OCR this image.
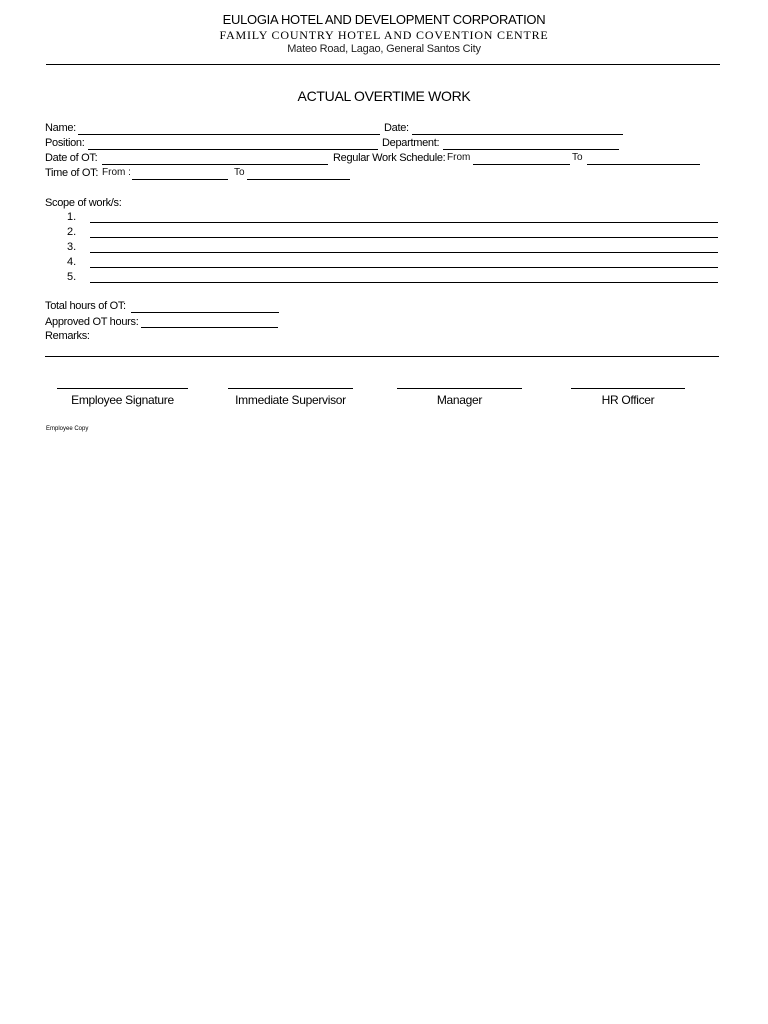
EULOGIA HOTEL AND DEVELOPMENT CORPORATION
FAMILY COUNTRY HOTEL AND COVENTION CENTRE
Mateo Road, Lagao, General Santos City
ACTUAL OVERTIME WORK
Name:	Date:
Position:	Department:
Date of OT:	Regular Work Schedule: From	To
Time of OT: From :	To
Scope of work/s:
1.
2.
3.
4.
5.
Total hours of OT:
Approved OT hours:
Remarks:
Employee Signature	Immediate Supervisor	Manager	HR Officer
Employee Copy
